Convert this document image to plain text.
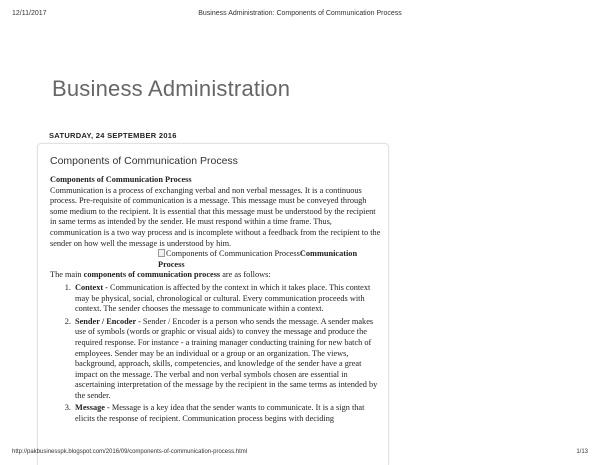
12/11/2017	Business Administration: Components of Communication Process
Business Administration
SATURDAY, 24 SEPTEMBER 2016
Components of Communication Process

Components of Communication Process

Communication is a process of exchanging verbal and non verbal messages. It is a continuous process. Pre-requisite of communication is a message. This message must be conveyed through some medium to the recipient. It is essential that this message must be understood by the recipient in same terms as intended by the sender. He must respond within a time frame. Thus, communication is a two way process and is incomplete without a feedback from the recipient to the sender on how well the message is understood by him.

Components of Communication ProcessCommunication Process

The main components of communication process are as follows:

1. Context - Communication is affected by the context in which it takes place. This context may be physical, social, chronological or cultural. Every communication proceeds with context. The sender chooses the message to communicate within a context.
2. Sender / Encoder - Sender / Encoder is a person who sends the message. A sender makes use of symbols (words or graphic or visual aids) to convey the message and produce the required response. For instance - a training manager conducting training for new batch of employees. Sender may be an individual or a group or an organization. The views, background, approach, skills, competencies, and knowledge of the sender have a great impact on the message. The verbal and non verbal symbols chosen are essential in ascertaining interpretation of the message by the recipient in the same terms as intended by the sender.
3. Message - Message is a key idea that the sender wants to communicate. It is a sign that elicits the response of recipient. Communication process begins with deciding
http://pakbusinesspk.blogspot.com/2016/09/components-of-communication-process.html	1/13
